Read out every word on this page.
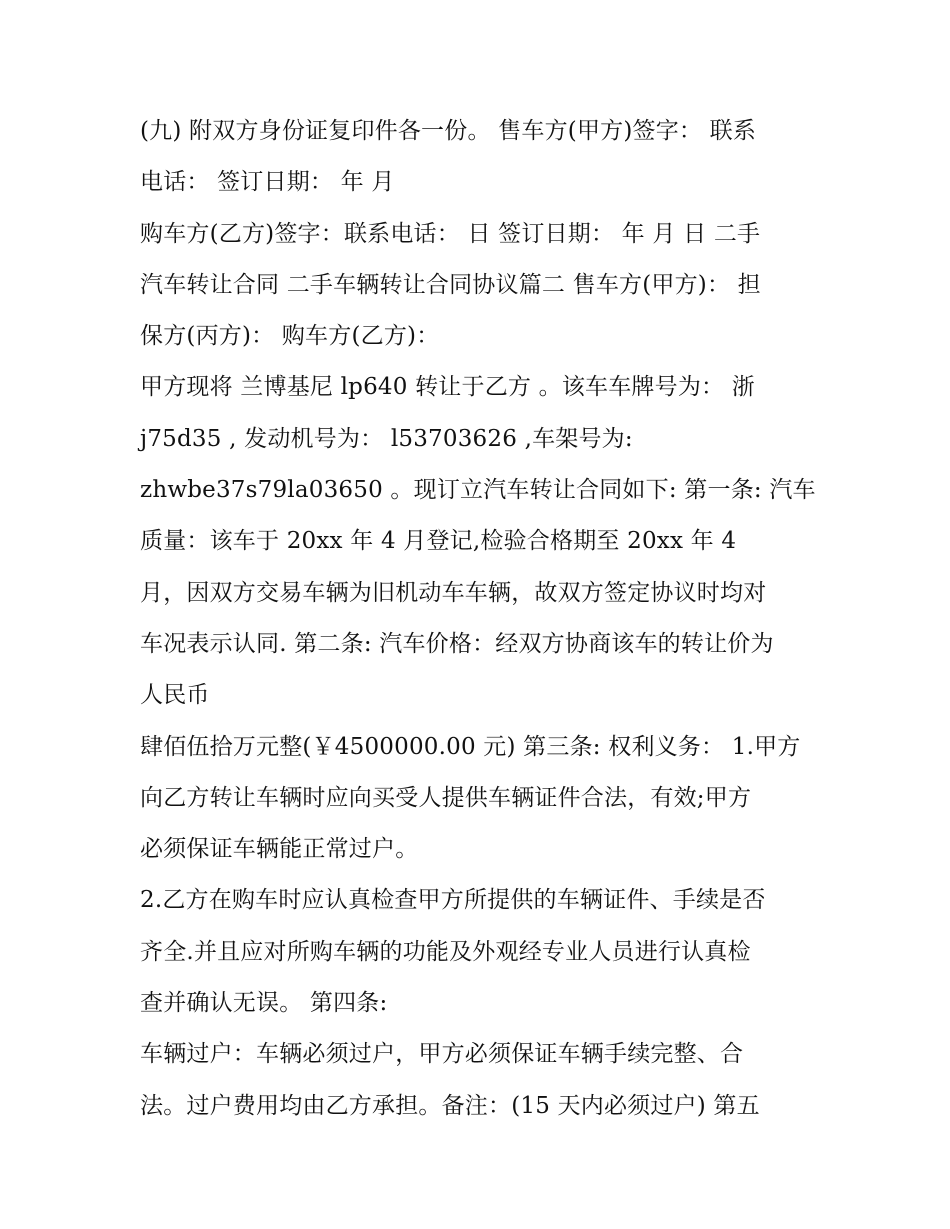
(九) 附双方身份证复印件各一份。 售车方(甲方)签字： 联系
电话： 签订日期： 年 月
购车方(乙方)签字：联系电话： 日 签订日期： 年 月 日 二手
汽车转让合同 二手车辆转让合同协议篇二 售车方(甲方)： 担
保方(丙方)： 购车方(乙方)：
甲方现将 兰博基尼 lp640 转让于乙方 。该车车牌号为： 浙
j75d35 , 发动机号为： l53703626 ,车架号为:
zhwbe37s79la03650 。现订立汽车转让合同如下: 第一条: 汽车
质量：该车于 20xx 年 4 月登记,检验合格期至 20xx 年 4
月，因双方交易车辆为旧机动车车辆，故双方签定协议时均对
车况表示认同. 第二条: 汽车价格：经双方协商该车的转让价为
人民币
肆佰伍拾万元整(￥4500000.00 元) 第三条: 权利义务： 1.甲方
向乙方转让车辆时应向买受人提供车辆证件合法，有效;甲方
必须保证车辆能正常过户。
2.乙方在购车时应认真检查甲方所提供的车辆证件、手续是否
齐全.并且应对所购车辆的功能及外观经专业人员进行认真检
查并确认无误。 第四条:
车辆过户：车辆必须过户，甲方必须保证车辆手续完整、合
法。过户费用均由乙方承担。备注：(15 天内必须过户) 第五
